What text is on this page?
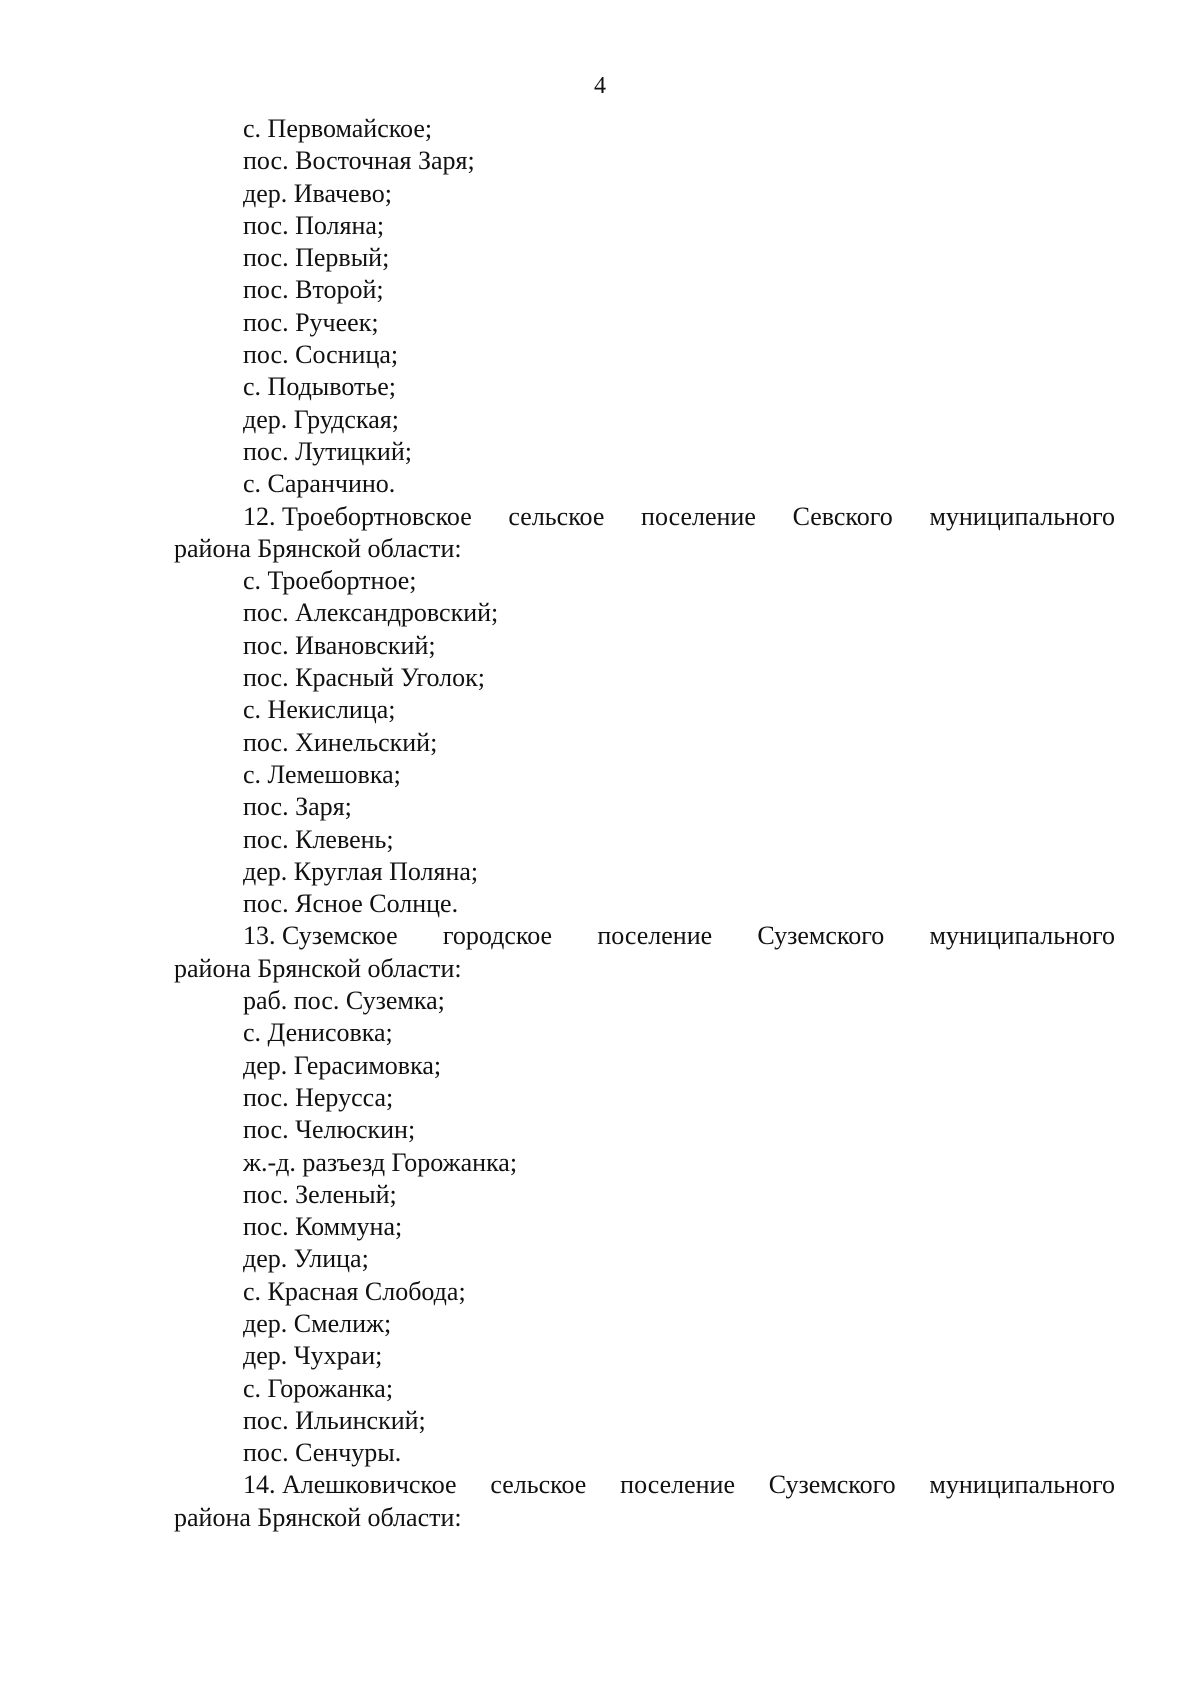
4

с. Первомайское;

пос. Восточная Заря;

дер. Ивачево;

пос. Поляна;

пос. Первый;

пос. Второй;

пос. Ручеек;

пос. Сосница;

с. Подывотье;

дер. Грудская;

пос. Лутицкий;

с. Саранчино.

12. Троебортновское сельское поселение Севского муниципального

района Брянской области:

с. Троебортное;

пос. Александровский;

пос. Ивановский;

пос. Красный Уголок;

с. Некислица;

пос. Хинельский;

с. Лемешовка;

пос. Заря;

пос. Клевень;

дер. Круглая Поляна;

пос. Ясное Солнце.

13. Суземское городское поселение Суземского муниципального

района Брянской области:

раб. пос. Суземка;

с. Денисовка;

дер. Герасимовка;

пос. Нерусса;

пос. Челюскин;

ж.-д. разъезд Горожанка;

пос. Зеленый;

пос. Коммуна;

дер. Улица;

с. Красная Слобода;

дер. Смелиж;

дер. Чухраи;

с. Горожанка;

пос. Ильинский;

пос. Сенчуры.

14. Алешковичское сельское поселение Суземского муниципального

района Брянской области:
